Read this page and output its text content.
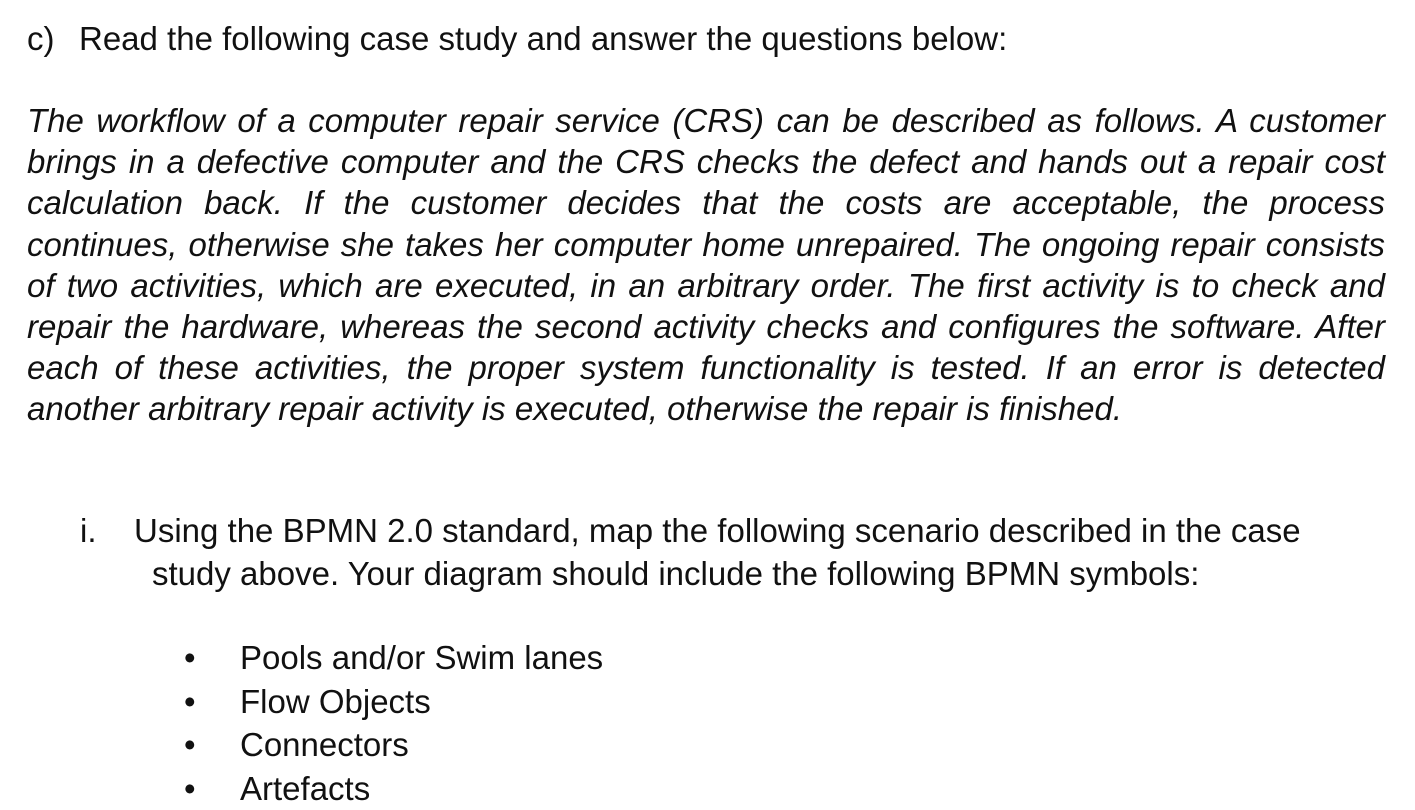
c) Read the following case study and answer the questions below:

The workflow of a computer repair service (CRS) can be described as follows. A customer brings in a defective computer and the CRS checks the defect and hands out a repair cost calculation back. If the customer decides that the costs are acceptable, the process continues, otherwise she takes her computer home unrepaired. The ongoing repair consists of two activities, which are executed, in an arbitrary order. The first activity is to check and repair the hardware, whereas the second activity checks and configures the software. After each of these activities, the proper system functionality is tested. If an error is detected another arbitrary repair activity is executed, otherwise the repair is finished.

i. Using the BPMN 2.0 standard, map the following scenario described in the case
study above. Your diagram should include the following BPMN symbols:
•	Pools and/or Swim lanes
•	Flow Objects
•	Connectors
•	Artefacts
